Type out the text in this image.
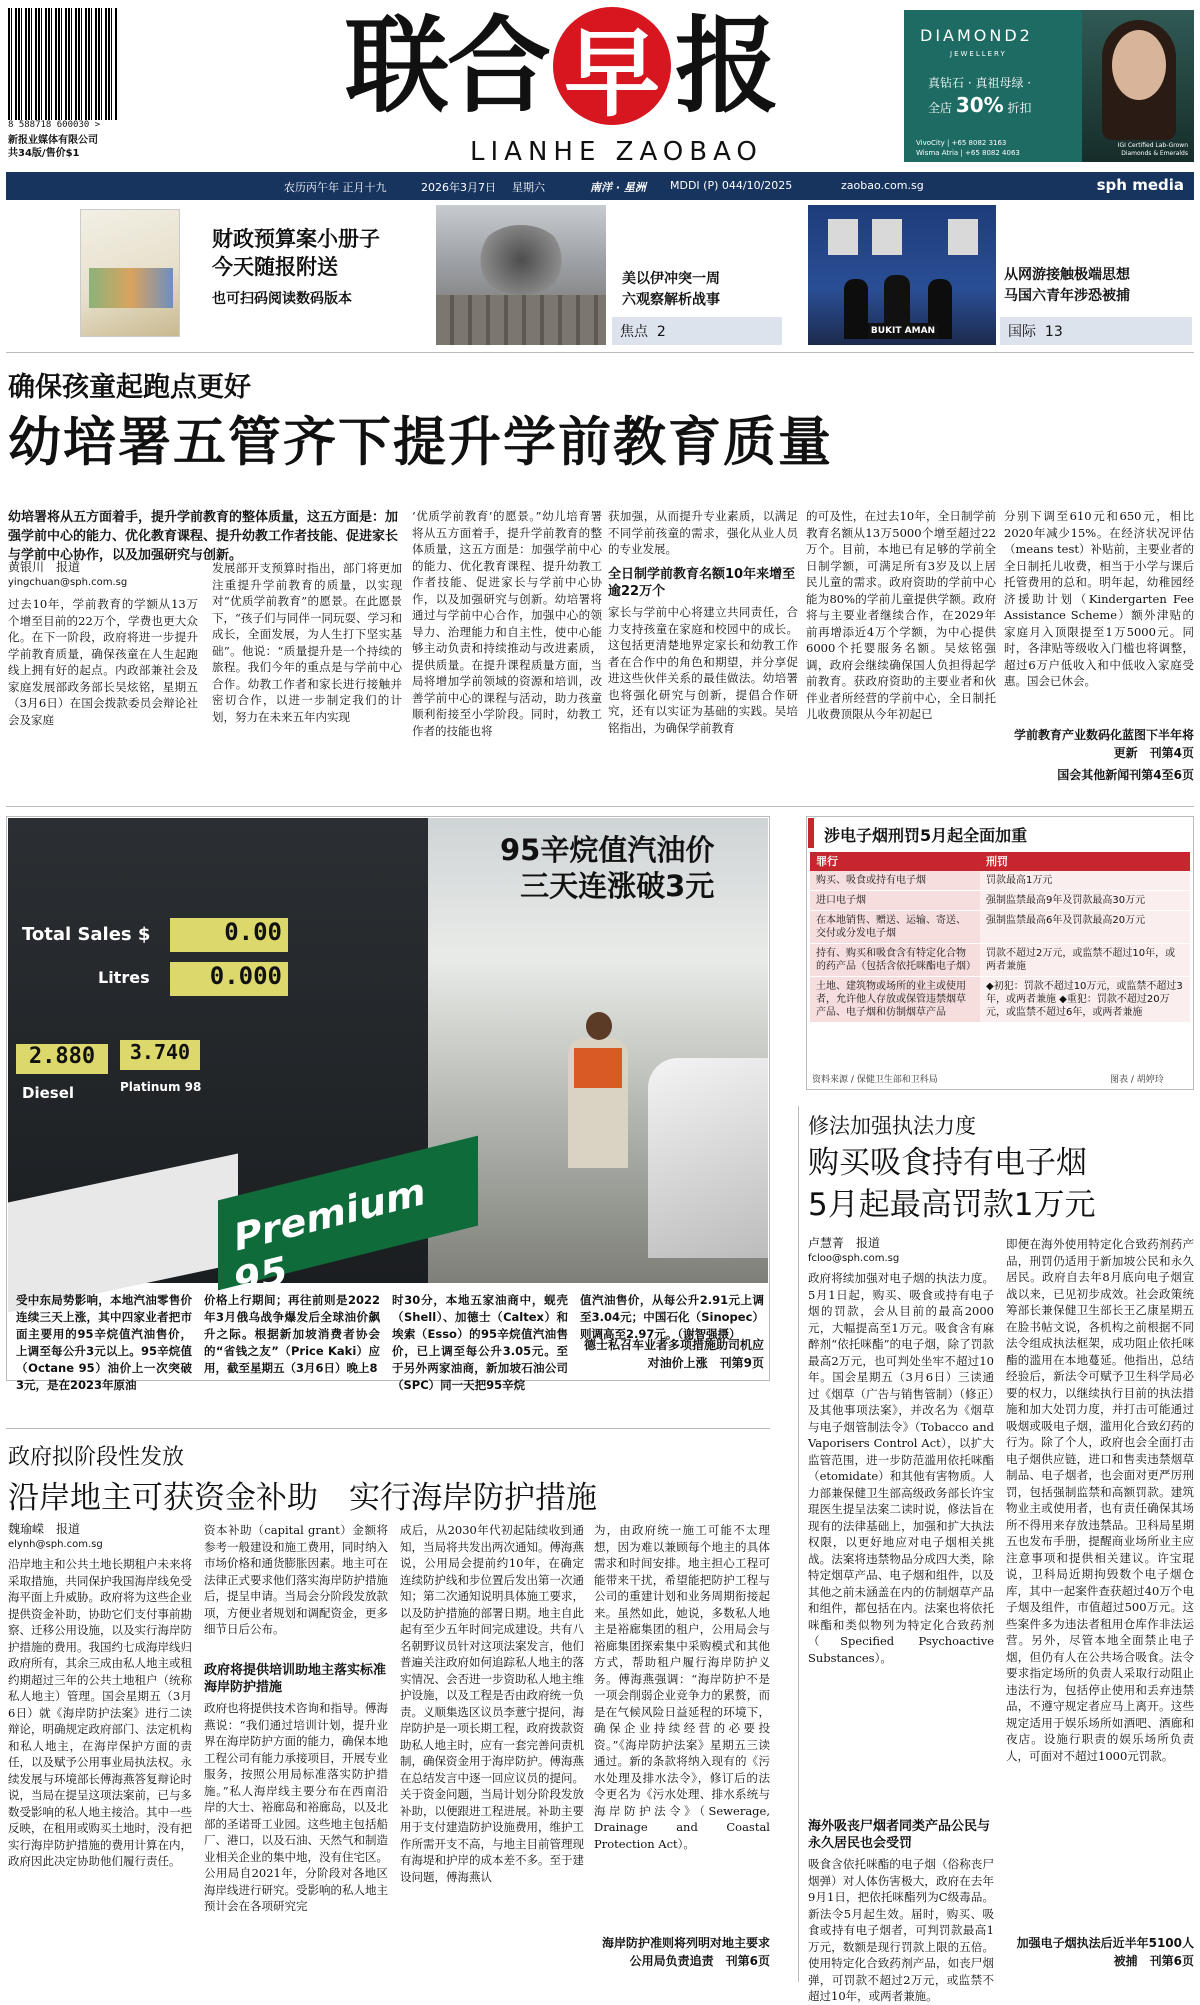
8 588718 600030 >
新报业媒体有限公司
共34版/售价$1
联 合 早 报
LIANHE ZAOBAO
DIAMOND2
JEWELLERY
真钻石 · 真祖母绿 ·
全店 30% 折扣
VivoCity | +65 8082 3163
Wisma Atria | +65 8082 4063
IGI Certified Lab-Grown
Diamonds & Emeralds
农历丙午年 正月十九	2026年3月7日 星期六	南洋 · 星洲 MDDI (P) 044/10/2025	zaobao.com.sg	sph media
财政预算案小册子
今天随报附送
也可扫码阅读数码版本
美以伊冲突一周
六观察解析战事
焦点 2	BUKIT AMAN
从网游接触极端思想
马国六青年涉恐被捕
国际 13
确保孩童起跑点更好
幼培署五管齐下提升学前教育质量
幼培署将从五方面着手，提升学前教育的整体质量，这五方面是：加强学前中心的能力、优化教育课程、提升幼教工作者技能、促进家长与学前中心协作，以及加强研究与创新。
黄银川　报道
yingchuan@sph.com.sg
过去10年，学前教育的学额从13万个增至目前的22万个，学费也更大众化。在下一阶段，政府将进一步提升学前教育质量，确保孩童在人生起跑线上拥有好的起点。内政部兼社会及家庭发展部政务部长吴炫铭，星期五（3月6日）在国会拨款委员会辩论社会及家庭
发展部开支预算时指出，部门将更加注重提升学前教育的质量，以实现对“优质学前教育”的愿景。在此愿景下，“孩子们与同伴一同玩耍、学习和成长，全面发展，为人生打下坚实基础”。他说：“质量提升是一个持续的旅程。我们今年的重点是与学前中心合作。幼教工作者和家长进行接触并密切合作，以进一步制定我们的计划，努力在未来五年内实现
‘优质学前教育’的愿景。”幼儿培育署将从五方面着手，提升学前教育的整体质量，这五方面是：加强学前中心的能力、优化教育课程、提升幼教工作者技能、促进家长与学前中心协作，以及加强研究与创新。幼培署将通过与学前中心合作，加强中心的领导力、治理能力和自主性，使中心能够主动负责和持续推动与改进素质，提供质量。在提升课程质量方面，当局将增加学前领域的资源和培训，改善学前中心的课程与活动，助力孩童顺利衔接至小学阶段。同时，幼教工作者的技能也将
获加强，从而提升专业素质，以满足不同学前孩童的需求，强化从业人员的专业发展。
全日制学前教育名额10年来增至逾22万个
家长与学前中心将建立共同责任，合力支持孩童在家庭和校园中的成长。这包括更清楚地界定家长和幼教工作者在合作中的角色和期望，并分享促进这些伙伴关系的最佳做法。幼培署也将强化研究与创新，提倡合作研究，还有以实证为基础的实践。吴培铭指出，为确保学前教育
的可及性，在过去10年，全日制学前教育名额从13万5000个增至超过22万个。目前，本地已有足够的学前全日制学额，可满足所有3岁及以上居民儿童的需求。政府资助的学前中心能为80%的学前儿童提供学额。政府将与主要业者继续合作，在2029年前再增添近4万个学额，为中心提供6000个托婴服务名额。吴炫铭强调，政府会继续确保国人负担得起学前教育。获政府资助的主要业者和伙伴业者所经营的学前中心，全日制托儿收费顶限从今年初起已
分别下调至610元和650元，相比2020年减少15%。在经济状况评估（means test）补贴前，主要业者的全日制托儿收费，相当于小学与课后托管费用的总和。明年起，幼稚园经济援助计划（Kindergarten Fee Assistance Scheme）额外津贴的家庭月入顶限提至1万5000元。同时，各津贴等级收入门槛也将调整，超过6万户低收入和中低收入家庭受惠。国会已休会。
学前教育产业数码化蓝图下半年将更新　刊第4页
国会其他新闻刊第4至6页
Total Sales $	0.00
Litres	0.000
2.880	3.740
Diesel	Platinum 98
Premium 95
95辛烷值汽油价
三天连涨破3元
受中东局势影响，本地汽油零售价连续三天上涨，其中四家业者把市面主要用的95辛烷值汽油售价，上调至每公升3元以上。95辛烷值（Octane 95）油价上一次突破3元，是在2023年原油
价格上行期间；再往前则是2022年3月俄乌战争爆发后全球油价飙升之际。根据新加坡消费者协会的“省钱之友”（Price Kaki）应用，截至星期五（3月6日）晚上8
时30分，本地五家油商中，蚬壳（Shell）、加德士（Caltex）和埃索（Esso）的95辛烷值汽油售价，已上调至每公升3.05元。至于另外两家油商，新加坡石油公司（SPC）同一天把95辛烷
值汽油售价，从每公升2.91元上调至3.04元；中国石化（Sinopec）则调高至2.97元。（谢智强摄）
德士私召车业者多项措施助司机应对油价上涨　刊第9页
涉电子烟刑罚5月起全面加重
罪行	刑罚
购买、吸食或持有电子烟	罚款最高1万元
进口电子烟	强制监禁最高9年及罚款最高30万元
在本地销售、赠送、运输、寄送、交付或分发电子烟	强制监禁最高6年及罚款最高20万元
持有、购买和吸食含有特定化合物的药产品（包括含依托咪酯电子烟）	罚款不超过2万元，或监禁不超过10年，或两者兼施
土地、建筑物或场所的业主或使用者，允许他人存放或保管违禁烟草产品、电子烟和仿制烟草产品	◆初犯：罚款不超过10万元，或监禁不超过3年，或两者兼施 ◆重犯：罚款不超过20万元，或监禁不超过6年，或两者兼施
资料来源 / 保健卫生部和卫科局	图表 / 胡婷玲
修法加强执法力度
购买吸食持有电子烟
5月起最高罚款1万元
卢慧菁　报道
fcloo@sph.com.sg
政府将续加强对电子烟的执法力度。5月1日起，购买、吸食或持有电子烟的罚款，会从目前的最高2000元，大幅提高至1万元。吸食含有麻醉剂“依托咪酯”的电子烟，除了罚款最高2万元，也可判处坐牢不超过10年。国会星期五（3月6日）三读通过《烟草（广告与销售管制）（修正）及其他事项法案》，并改名为《烟草与电子烟管制法令》（Tobacco and Vaporisers Control Act），以扩大监管范围，进一步防范滥用依托咪酯（etomidate）和其他有害物质。人力部兼保健卫生部高级政务部长许宝琨医生提呈法案二读时说，修法旨在现有的法律基础上，加强和扩大执法权限，以更好地应对电子烟相关挑战。法案将违禁物品分成四大类，除特定烟草产品、电子烟和组件，以及其他之前未涵盖在内的仿制烟草产品和组件，都包括在内。法案也将依托咪酯和类似物列为特定化合致药剂（Specified Psychoactive Substances）。
海外吸丧尸烟者同类产品公民与永久居民也会受罚
吸食含依托咪酯的电子烟（俗称丧尸烟弹）对人体伤害极大，政府在去年9月1日，把依托咪酯列为C级毒品。新法令5月起生效。届时，购买、吸食或持有电子烟者，可判罚款最高1万元，数额是现行罚款上限的五倍。使用特定化合致药剂产品，如丧尸烟弹，可罚款不超过2万元，或监禁不超过10年，或两者兼施。
即便在海外使用特定化合致药剂药产品，刑罚仍适用于新加坡公民和永久居民。政府自去年8月底向电子烟宣战以来，已见初步成效。社会政策统筹部长兼保健卫生部长王乙康星期五在脸书帖文说，各机构之前根据不同法令组成执法框架，成功阻止依托咪酯的滥用在本地蔓延。他指出，总结经验后，新法令可赋予卫生科学局必要的权力，以继续执行目前的执法措施和加大处罚力度，并打击可能通过吸烟或吸电子烟，滥用化合致幻药的行为。除了个人，政府也会全面打击电子烟供应链，进口和售卖违禁烟草制品、电子烟者，也会面对更严厉刑罚，包括强制监禁和高额罚款。建筑物业主或使用者，也有责任确保其场所不得用来存放违禁品。卫科局星期五也发布手册，提醒商业场所业主应注意事项和提供相关建议。许宝琨说，卫科局近期拘毁数个电子烟仓库，其中一起案件查获超过40万个电子烟及组件，市值超过500万元。这些案件多为违法者租用仓库作非法运营。另外，尽管本地全面禁止电子烟，但仍有人在公共场合吸食。法令要求指定场所的负责人采取行动阻止违法行为，包括停止使用和丢弃违禁品，不遵守规定者应马上离开。这些规定适用于娱乐场所如酒吧、酒廊和夜店。设施行职责的娱乐场所负责人，可面对不超过1000元罚款。
加强电子烟执法后近半年5100人被捕　刊第6页
政府拟阶段性发放
沿岸地主可获资金补助　实行海岸防护措施
魏瑜嵘　报道
elynh@sph.com.sg
沿岸地主和公共土地长期租户未来将采取措施，共同保护我国海岸线免受海平面上升威胁。政府将为这些企业提供资金补助，协助它们支付事前勘察、迁移公用设施，以及实行海岸防护措施的费用。我国约七成海岸线归政府所有，其余三成由私人地主或租约期超过三年的公共土地租户（统称私人地主）管理。国会星期五（3月6日）就《海岸防护法案》进行二读辩论，明确规定政府部门、法定机构和私人地主，在海岸保护方面的责任，以及赋予公用事业局执法权。永续发展与环境部长傅海燕答复辩论时说，当局在提呈这项法案前，已与多数受影响的私人地主接洽。其中一些反映，在租用或购买土地时，没有把实行海岸防护措施的费用计算在内，政府因此决定协助他们履行责任。
资本补助（capital grant）金额将参考一般建设和施工费用，同时纳入市场价格和通货膨胀因素。地主可在法律正式要求他们落实海岸防护措施后，提呈申请。当局会分阶段发放款项，方便业者规划和调配资金，更多细节日后公布。
政府将提供培训助地主落实标准海岸防护措施
政府也将提供技术咨询和指导。傅海燕说：“我们通过培训计划，提升业界在海岸防护方面的能力，确保本地工程公司有能力承接项目，开展专业服务，按照公用局标准落实防护措施。”私人海岸线主要分布在西南沿岸的大士、裕廊岛和裕廊岛，以及北部的圣诺哥工业园。这些地主包括船厂、港口，以及石油、天然气和制造业相关企业的集中地，没有住宅区。公用局自2021年，分阶段对各地区海岸线进行研究。受影响的私人地主预计会在各项研究完
成后，从2030年代初起陆续收到通知，当局将共发出两次通知。傅海燕说，公用局会提前约10年，在确定连续防护线和步位置后发出第一次通知；第二次通知说明具体施工要求，以及防护措施的部署日期。地主自此起有至少五年时间完成建设。共有八名朝野议员针对这项法案发言，他们普遍关注政府如何追踪私人地主的落实情况、会否进一步资助私人地主维护设施，以及工程是否由政府统一负责。义顺集选区议员李薏宁提问，海岸防护是一项长期工程，政府拨款资助私人地主时，应有一套完善问责机制，确保资金用于海岸防护。傅海燕在总结发言中逐一回应议员的提问。关于资金问题，当局计划分阶段发放补助，以便跟进工程进展。补助主要用于支付建造防护设施费用，维护工作所需开支不高，与地主目前管理现有海堤和护岸的成本差不多。至于建设问题，傅海燕认
为，由政府统一施工可能不太理想，因为难以兼顾每个地主的具体需求和时间安排。地主担心工程可能带来干扰，希望能把防护工程与公司的重建计划和业务周期衔接起来。虽然如此，她说，多数私人地主是裕廊集团的租户，公用局会与裕廊集团探索集中采购模式和其他方式，帮助租户履行海岸防护义务。傅海燕强调：“海岸防护不是一项会削弱企业竞争力的累赘，而是在气候风险日益延程的环境下，确保企业持续经营的必要投资。”《海岸防护法案》星期五三读通过。新的条款将纳入现有的《污水处理及排水法令》，修订后的法令更名为《污水处理、排水系统与海岸防护法令》（Sewerage, Drainage and Coastal Protection Act）。
海岸防护准则将列明对地主要求公用局负责追责　刊第6页
